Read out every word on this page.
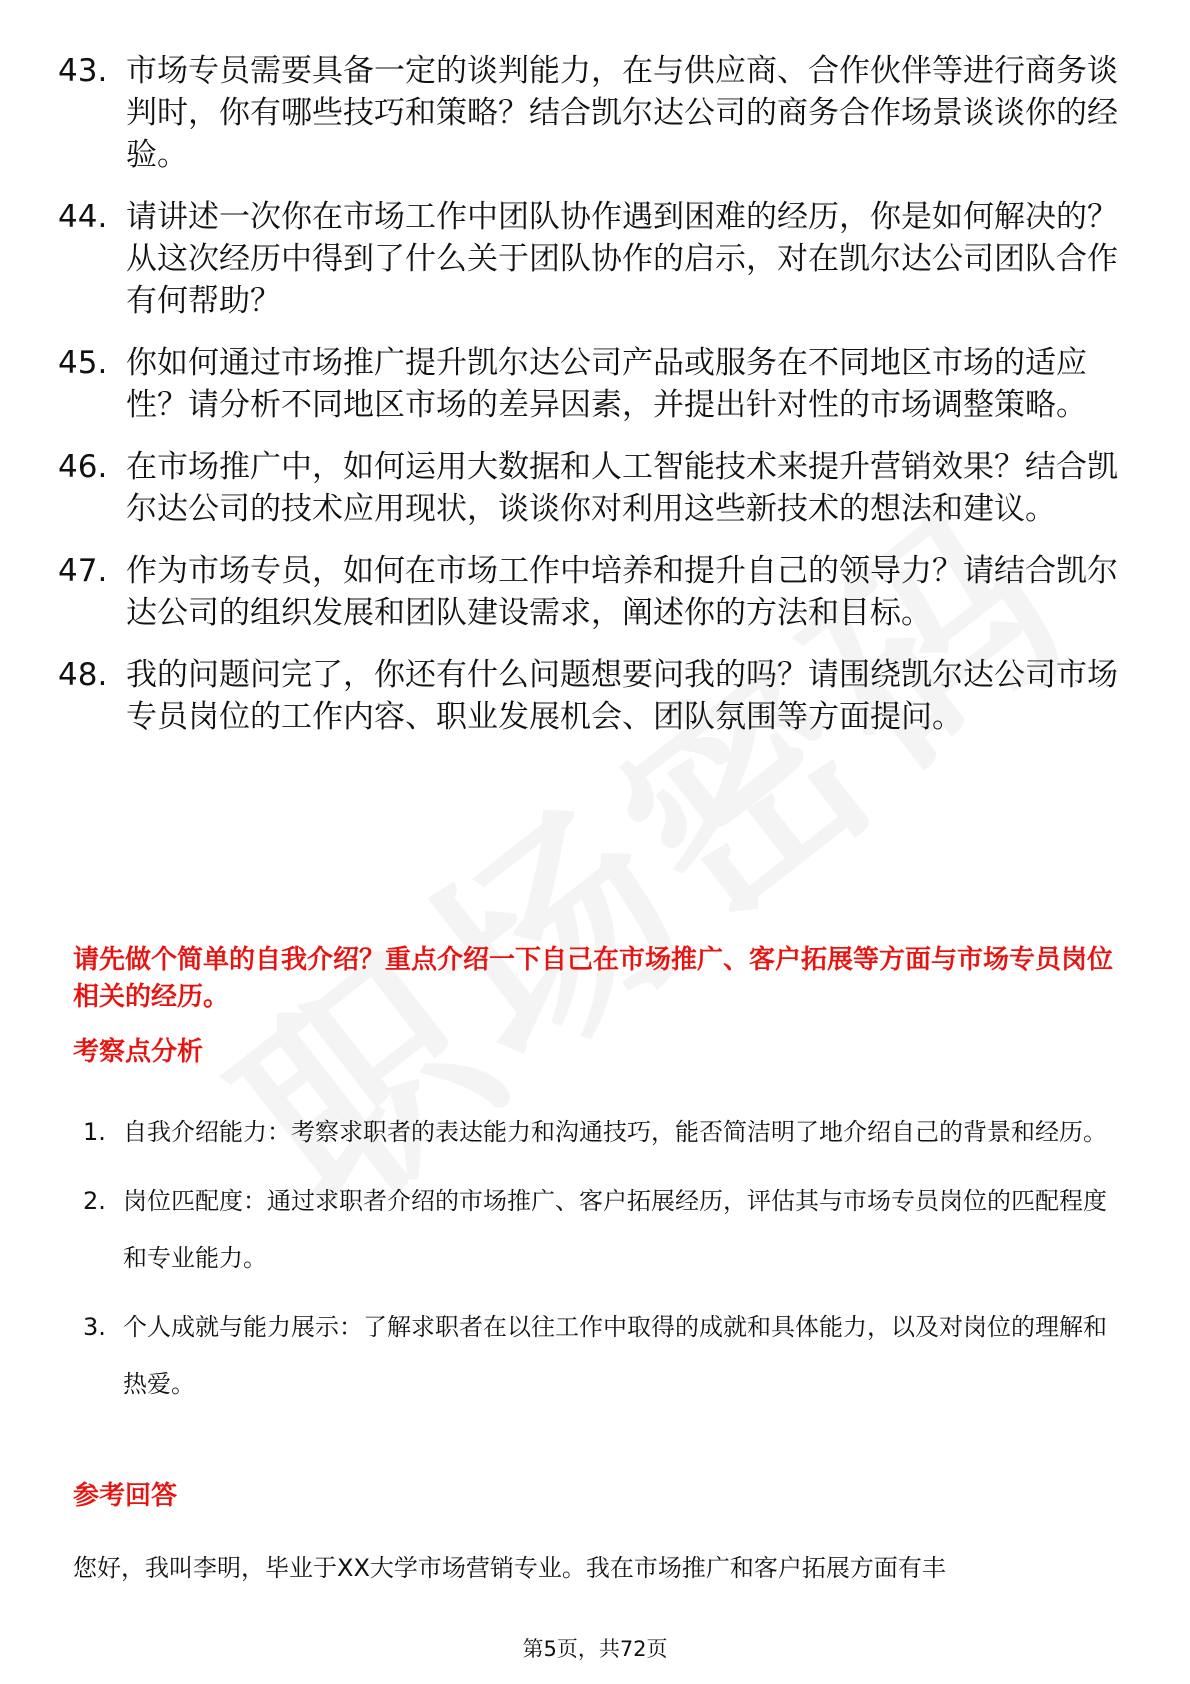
43. 市场专员需要具备一定的谈判能力，在与供应商、合作伙伴等进行商务谈判时，你有哪些技巧和策略？结合凯尔达公司的商务合作场景谈谈你的经验。
44. 请讲述一次你在市场工作中团队协作遇到困难的经历，你是如何解决的？从这次经历中得到了什么关于团队协作的启示，对在凯尔达公司团队合作有何帮助？
45. 你如何通过市场推广提升凯尔达公司产品或服务在不同地区市场的适应性？请分析不同地区市场的差异因素，并提出针对性的市场调整策略。
46. 在市场推广中，如何运用大数据和人工智能技术来提升营销效果？结合凯尔达公司的技术应用现状，谈谈你对利用这些新技术的想法和建议。
47. 作为市场专员，如何在市场工作中培养和提升自己的领导力？请结合凯尔达公司的组织发展和团队建设需求，阐述你的方法和目标。
48. 我的问题问完了，你还有什么问题想要问我的吗？请围绕凯尔达公司市场专员岗位的工作内容、职业发展机会、团队氛围等方面提问。
请先做个简单的自我介绍？重点介绍一下自己在市场推广、客户拓展等方面与市场专员岗位相关的经历。
考察点分析
1. 自我介绍能力：考察求职者的表达能力和沟通技巧，能否简洁明了地介绍自己的背景和经历。
2. 岗位匹配度：通过求职者介绍的市场推广、客户拓展经历，评估其与市场专员岗位的匹配程度和专业能力。
3. 个人成就与能力展示：了解求职者在以往工作中取得的成就和具体能力，以及对岗位的理解和热爱。
参考回答
您好，我叫李明，毕业于XX大学市场营销专业。我在市场推广和客户拓展方面有丰
第5页，共72页
